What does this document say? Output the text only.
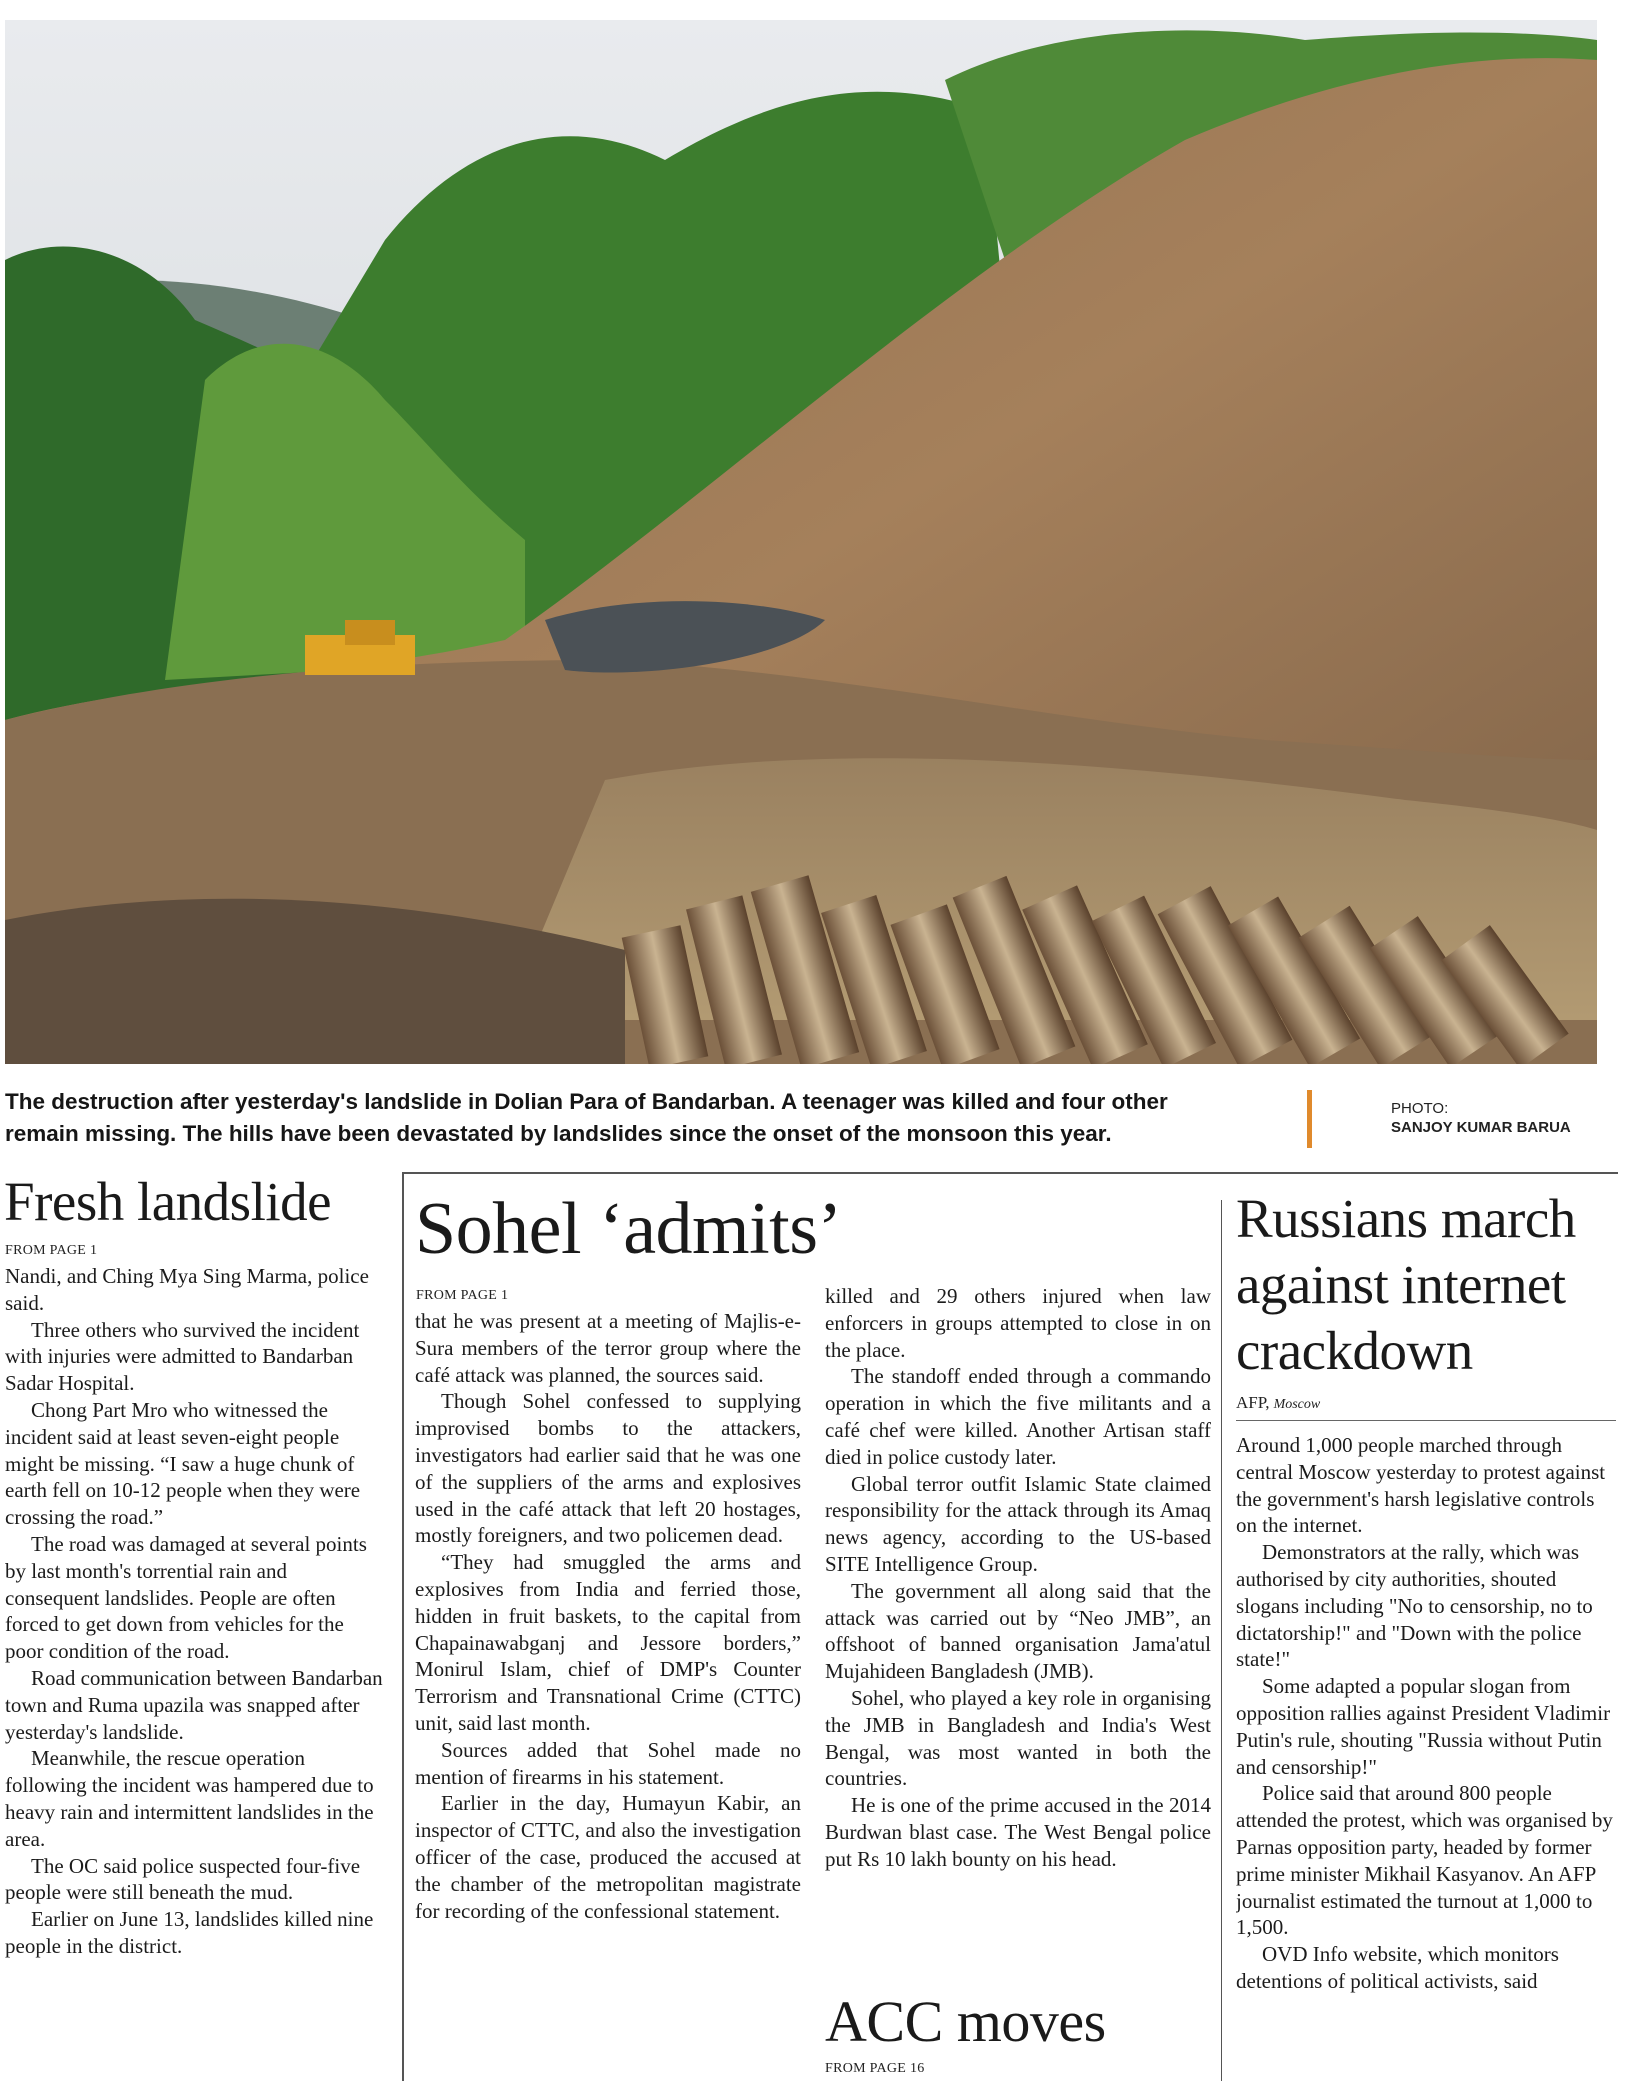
The destruction after yesterday's landslide in Dolian Para of Bandarban. A teenager was killed and four other remain missing. The hills have been devastated by landslides since the onset of the monsoon this year.
PHOTO:
SANJOY KUMAR BARUA
Fresh landslide
FROM PAGE 1

Nandi, and Ching Mya Sing Marma, police said.

Three others who survived the incident with injuries were admitted to Bandarban Sadar Hospital.

Chong Part Mro who witnessed the incident said at least seven-eight people might be missing. “I saw a huge chunk of earth fell on 10-12 people when they were crossing the road.”

The road was damaged at several points by last month's torrential rain and consequent landslides. People are often forced to get down from vehicles for the poor condition of the road.

Road communication between Bandarban town and Ruma upazila was snapped after yesterday's landslide.

Meanwhile, the rescue operation following the incident was hampered due to heavy rain and intermittent landslides in the area.

The OC said police suspected four-five people were still beneath the mud.

Earlier on June 13, landslides killed nine people in the district.

Sohel ‘admits’
FROM PAGE 1

that he was present at a meeting of Majlis-e-Sura members of the terror group where the café attack was planned, the sources said.

Though Sohel confessed to supplying improvised bombs to the attackers, investigators had earlier said that he was one of the suppliers of the arms and explosives used in the café attack that left 20 hostages, mostly foreigners, and two policemen dead.

“They had smuggled the arms and explosives from India and ferried those, hidden in fruit baskets, to the capital from Chapainawabganj and Jessore borders,” Monirul Islam, chief of DMP's Counter Terrorism and Transnational Crime (CTTC) unit, said last month.

Sources added that Sohel made no mention of firearms in his statement.

Earlier in the day, Humayun Kabir, an inspector of CTTC, and also the investigation officer of the case, produced the accused at the chamber of the metropolitan magistrate for recording of the confessional statement.

killed and 29 others injured when law enforcers in groups attempted to close in on the place.

The standoff ended through a commando operation in which the five militants and a café chef were killed. Another Artisan staff died in police custody later.

Global terror outfit Islamic State claimed responsibility for the attack through its Amaq news agency, according to the US-based SITE Intelligence Group.

The government all along said that the attack was carried out by “Neo JMB”, an offshoot of banned organisation Jama'atul Mujahideen Bangladesh (JMB).

Sohel, who played a key role in organising the JMB in Bangladesh and India's West Bengal, was most wanted in both the countries.

He is one of the prime accused in the 2014 Burdwan blast case. The West Bengal police put Rs 10 lakh bounty on his head.

ACC moves
FROM PAGE 16
Russians march against internet crackdown
AFP, Moscow

Around 1,000 people marched through central Moscow yesterday to protest against the government's harsh legislative controls on the internet.

Demonstrators at the rally, which was authorised by city authorities, shouted slogans including "No to censorship, no to dictatorship!" and "Down with the police state!"

Some adapted a popular slogan from opposition rallies against President Vladimir Putin's rule, shouting "Russia without Putin and censorship!"

Police said that around 800 people attended the protest, which was organised by Parnas opposition party, headed by former prime minister Mikhail Kasyanov. An AFP journalist estimated the turnout at 1,000 to 1,500.

OVD Info website, which monitors detentions of political activists, said
